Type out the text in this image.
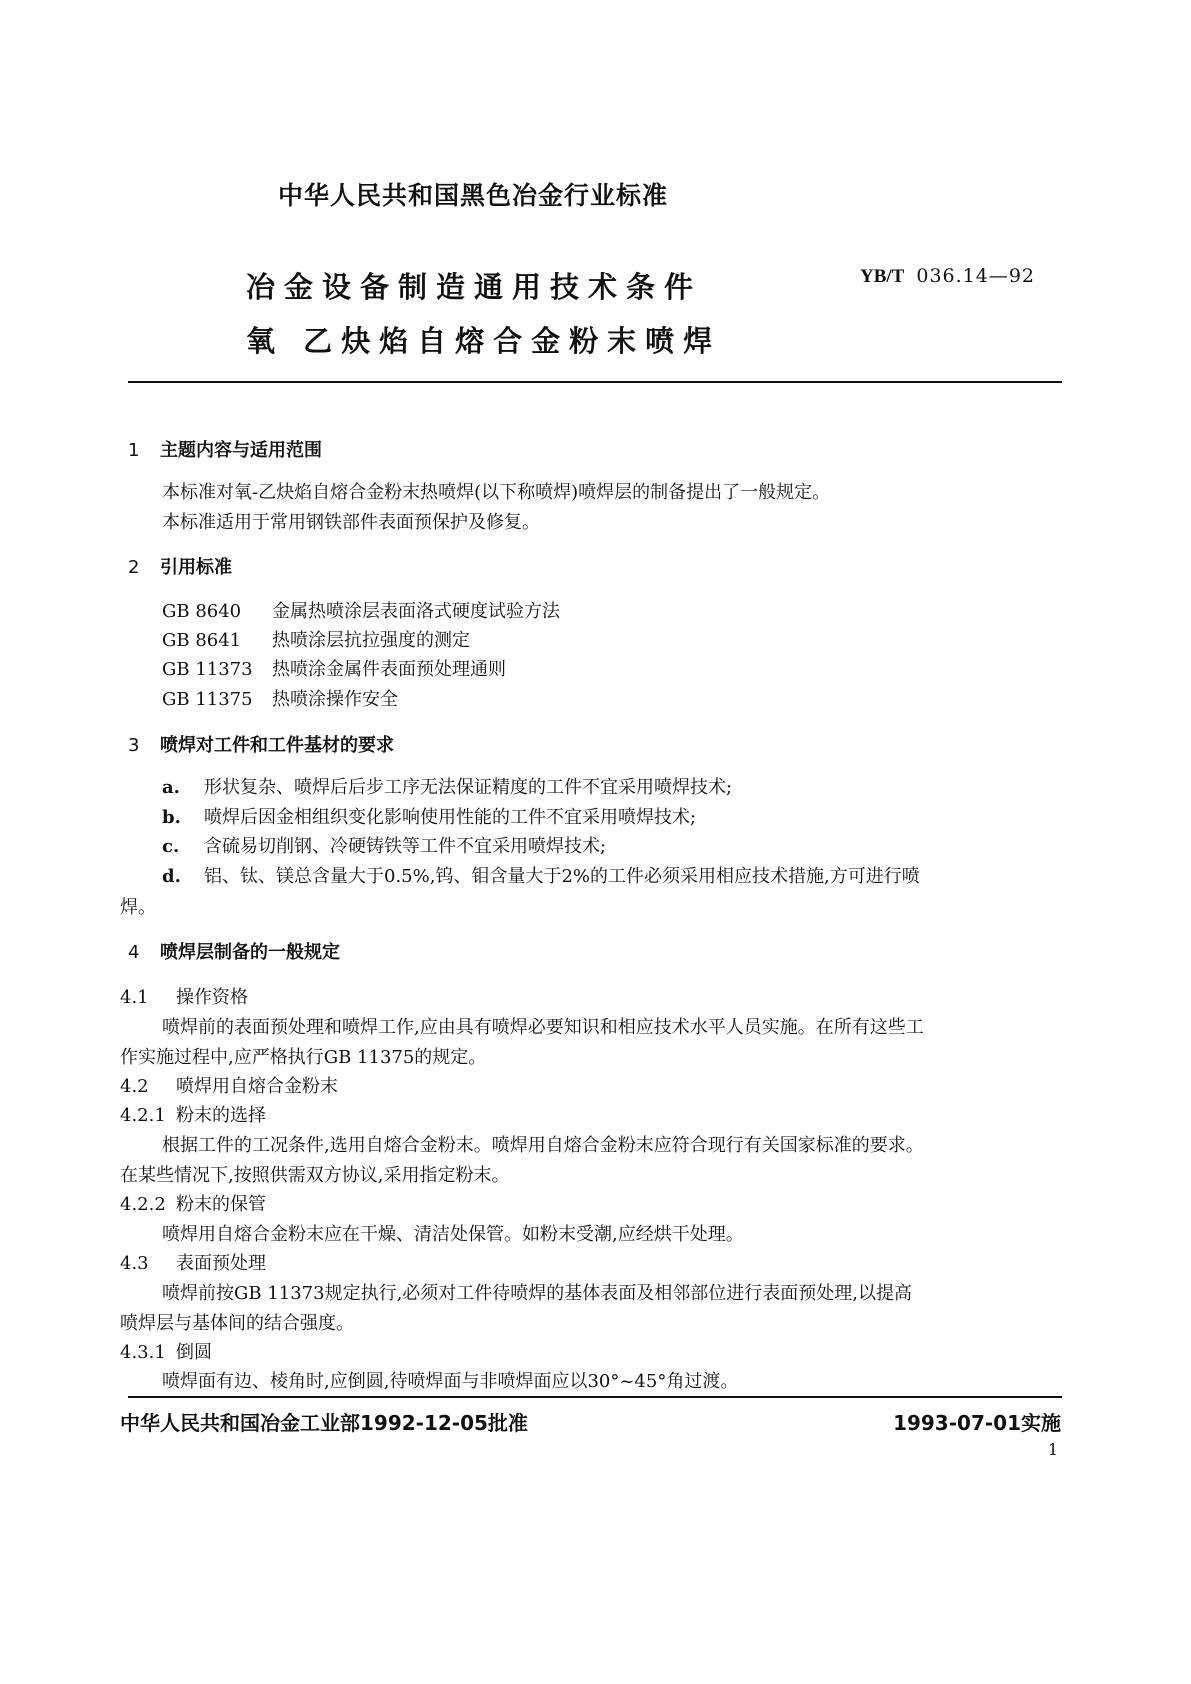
中华人民共和国黑色冶金行业标准
冶金设备制造通用技术条件
氧 乙炔焰自熔合金粉末喷焊
YB/T 036.14—92
1 主题内容与适用范围
本标准对氧-乙炔焰自熔合金粉末热喷焊(以下称喷焊)喷焊层的制备提出了一般规定。
本标准适用于常用钢铁部件表面预保护及修复。
2 引用标准
GB 8640 金属热喷涂层表面洛式硬度试验方法
GB 8641 热喷涂层抗拉强度的测定
GB 11373 热喷涂金属件表面预处理通则
GB 11375 热喷涂操作安全
3 喷焊对工件和工件基材的要求
a. 形状复杂、喷焊后后步工序无法保证精度的工件不宜采用喷焊技术;
b. 喷焊后因金相组织变化影响使用性能的工件不宜采用喷焊技术;
c. 含硫易切削钢、冷硬铸铁等工件不宜采用喷焊技术;
d. 铝、钛、镁总含量大于0.5%,钨、钼含量大于2%的工件必须采用相应技术措施,方可进行喷
焊。
4 喷焊层制备的一般规定
4.1 操作资格
喷焊前的表面预处理和喷焊工作,应由具有喷焊必要知识和相应技术水平人员实施。在所有这些工
作实施过程中,应严格执行GB 11375的规定。
4.2 喷焊用自熔合金粉末
4.2.1 粉末的选择
根据工件的工况条件,选用自熔合金粉末。喷焊用自熔合金粉末应符合现行有关国家标准的要求。
在某些情况下,按照供需双方协议,采用指定粉末。
4.2.2 粉末的保管
喷焊用自熔合金粉末应在干燥、清洁处保管。如粉末受潮,应经烘干处理。
4.3 表面预处理
喷焊前按GB 11373规定执行,必须对工件待喷焊的基体表面及相邻部位进行表面预处理,以提高
喷焊层与基体间的结合强度。
4.3.1 倒圆
喷焊面有边、棱角时,应倒圆,待喷焊面与非喷焊面应以30°~45°角过渡。
中华人民共和国冶金工业部1992-12-05批准	1993-07-01实施
1
